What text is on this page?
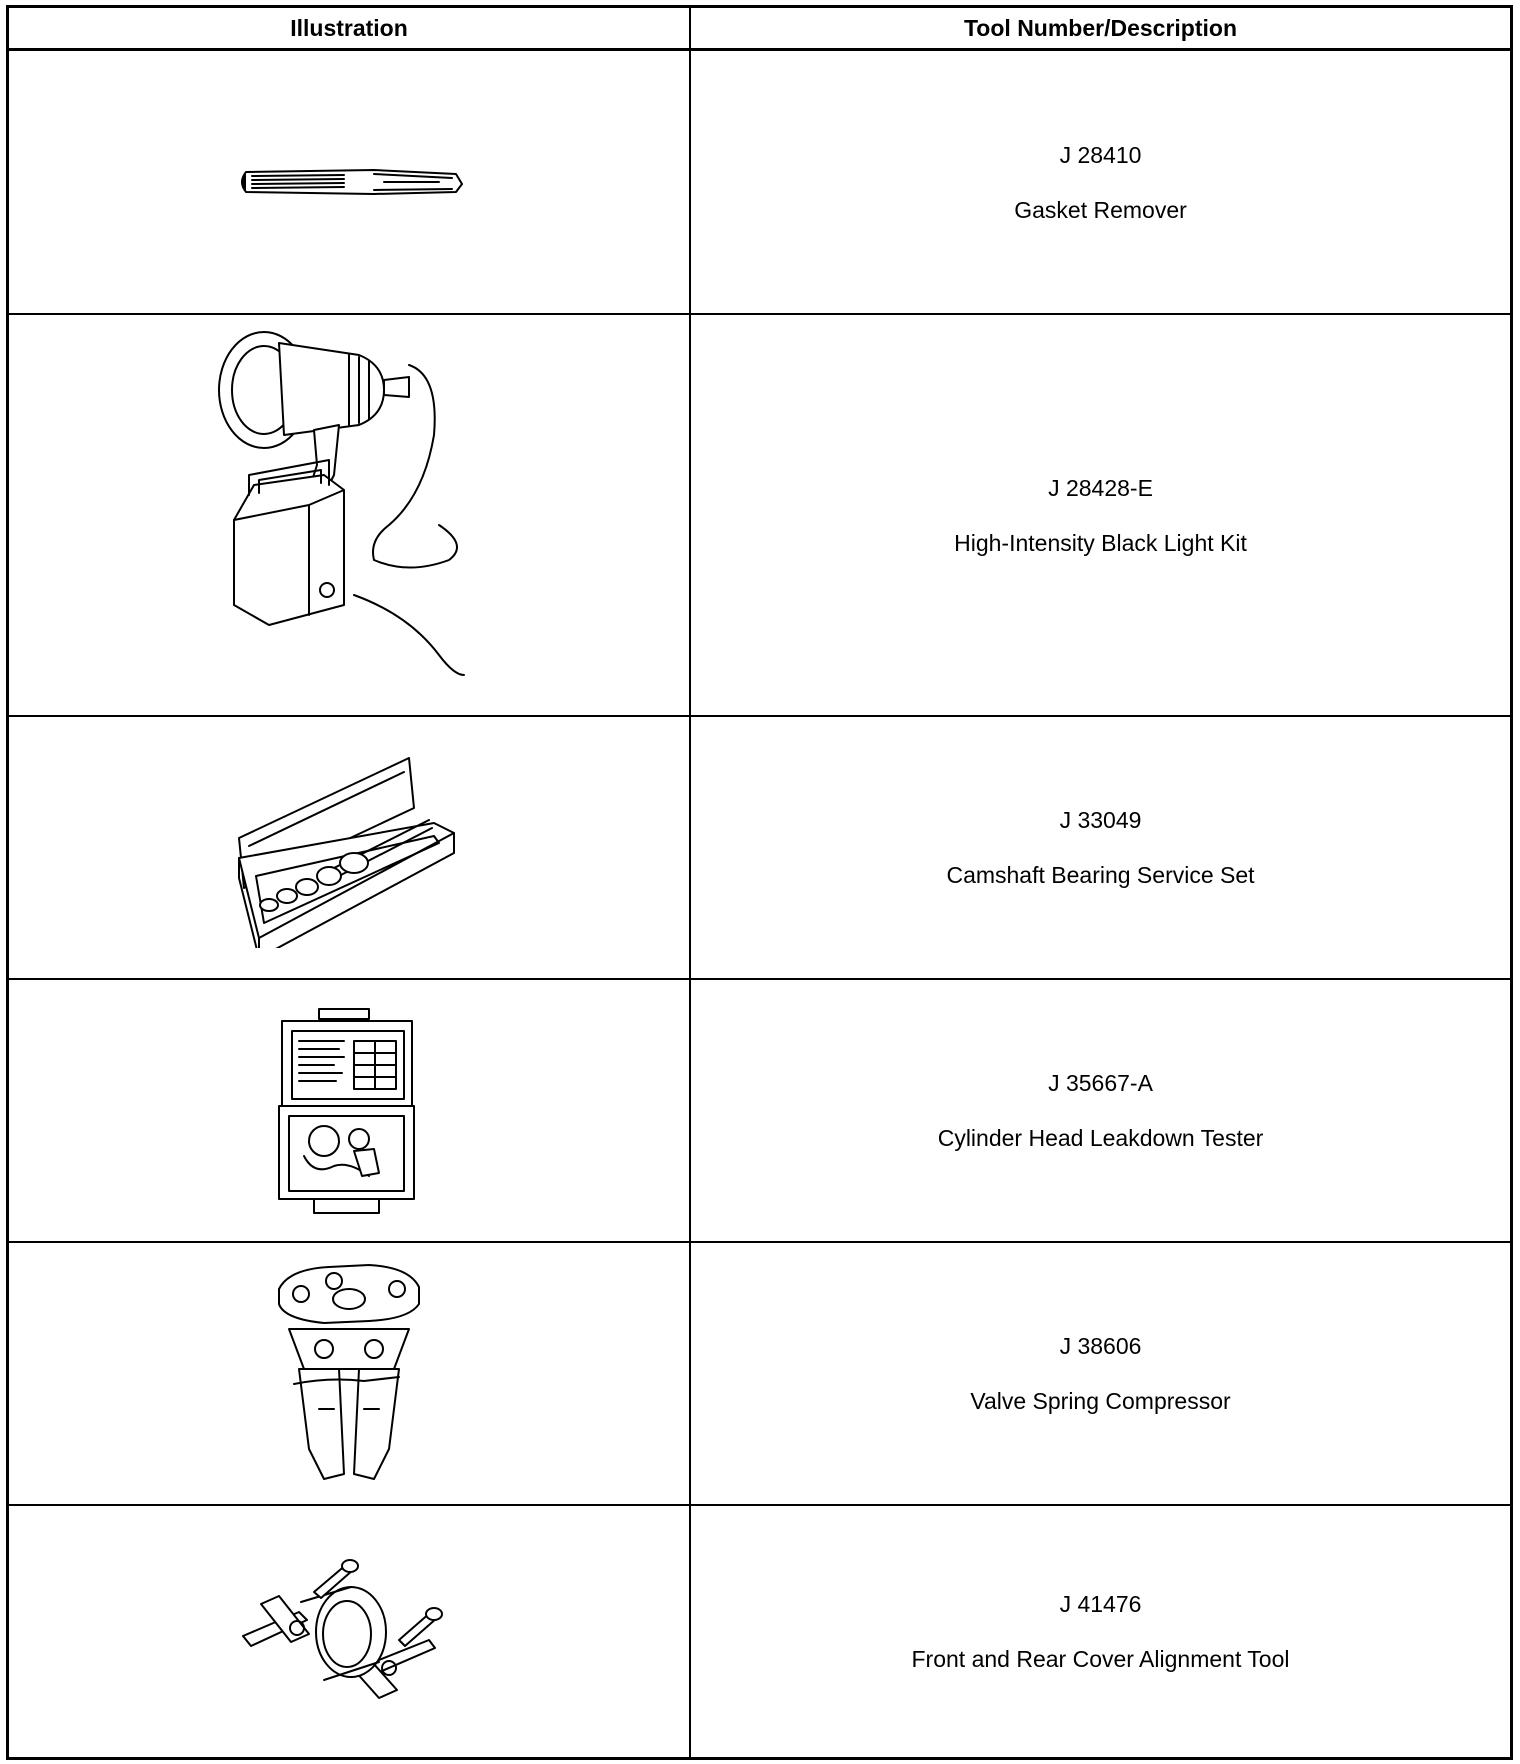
Illustration	Tool Number/Description
J 28410
Gasket Remover
J 28428-E
High-Intensity Black Light Kit
J 33049
Camshaft Bearing Service Set
J 35667-A
Cylinder Head Leakdown Tester
J 38606
Valve Spring Compressor
J 41476
Front and Rear Cover Alignment Tool
